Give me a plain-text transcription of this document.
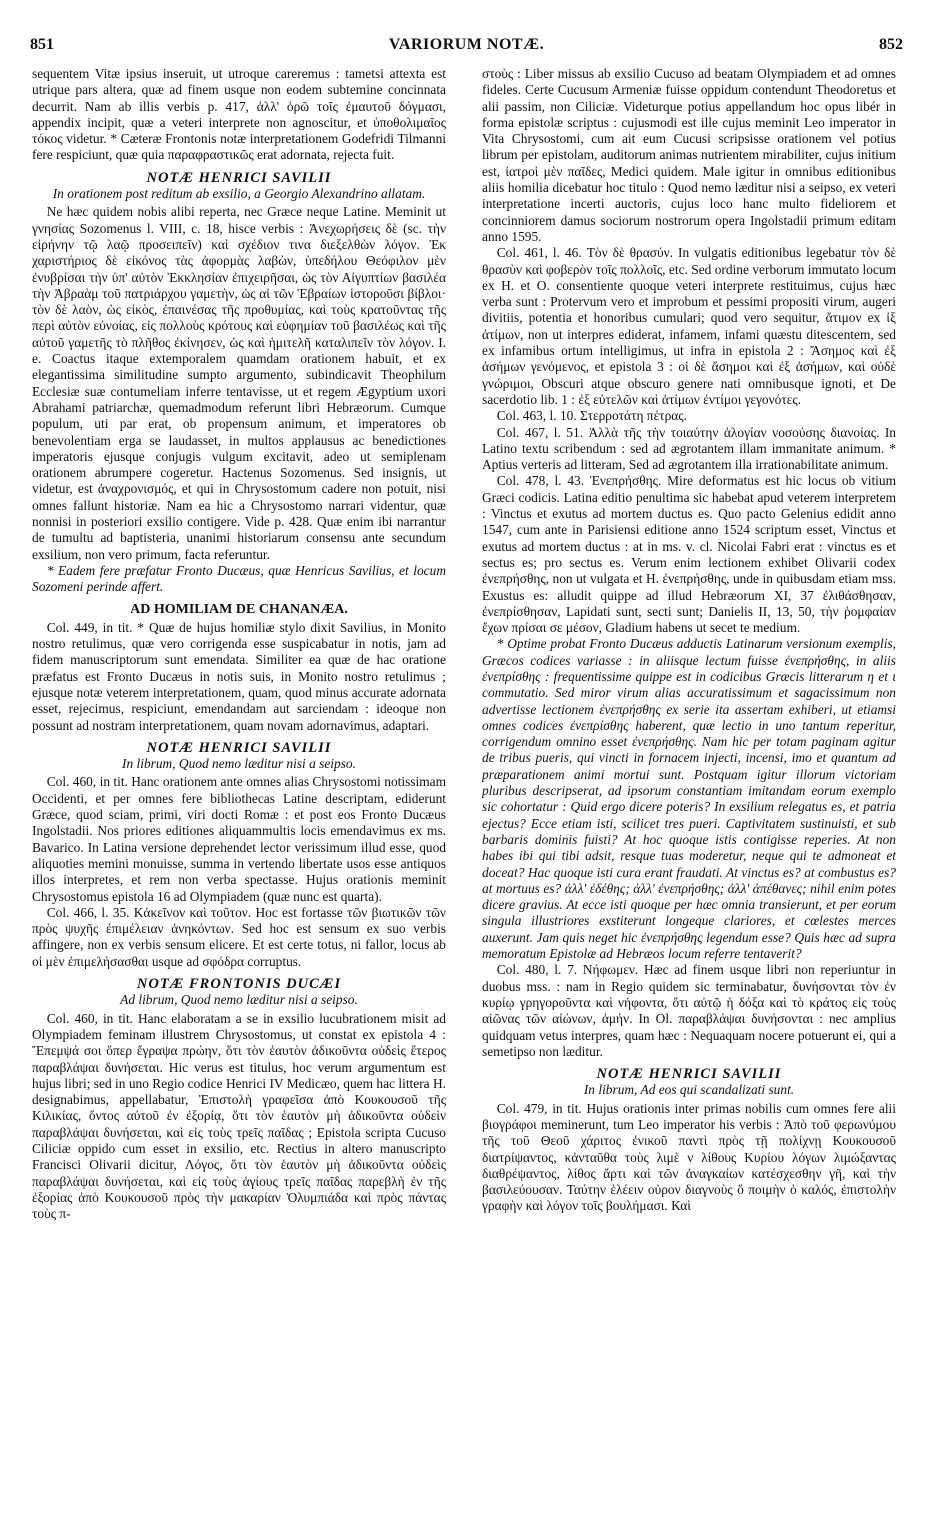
851	VARIORUM NOTÆ.	852

sequentem Vitæ ipsius inseruit, ut utroque careremus : tametsi attexta est utrique pars altera, quæ ad finem usque non eodem subtemine concinnata decurrit. Nam ab illis verbis p. 417, ἀλλ' ὁρῶ τοῖς ἐμαυτοῦ δόγμασι, appendix incipit, quæ a veteri interprete non agnoscitur, et ὑποθολιμαῖος τόκος videtur. * Cæteræ Frontonis notæ interpretationem Godefridi Tilmanni fere respiciunt, quæ quia παραφραστικῶς erat adornata, rejecta fuit.

NOTÆ HENRICI SAVILII
In orationem post reditum ab exsilio, a Georgio Alexandrino allatam.

Ne hæc quidem nobis alibi reperta, nec Græce neque Latine. Meminit ut γνησίας Sozomenus l. VIII, c. 18, hisce verbis : Ἀνεχωρήσεις δὲ (sc. τὴν εἰρήνην τῷ λαῷ προσειπεῖν) καὶ σχέδιον τινα διεξελθὼν λόγον. Ἐκ χαριστήριος δὲ εἰκόνος τὰς ἀφορμὰς λαβὼν, ὑπεδήλου Θεόφιλον μὲν ἐνυβρίσαι τὴν ὑπ' αὐτὸν Ἐκκλησίαν ἐπιχειρῆσαι, ὡς τὸν Αἰγυπτίων βασιλέα τὴν Ἀβραὰμ τοῦ πατριάρχου γαμετὴν, ὡς αἱ τῶν Ἑβραίων ἱστοροῦσι βίβλοι· τὸν δὲ λαὸν, ὡς εἰκὸς, ἐπαινέσας τῆς προθυμίας, καὶ τοὺς κρατοῦντας τῆς περὶ αὐτὸν εὐνοίας, εἰς πολλοὺς κρότους καὶ εὐφημίαν τοῦ βασιλέως καὶ τῆς αὐτοῦ γαμετῆς τὸ πλῆθος ἐκίνησεν, ὡς καὶ ἡμιτελῆ καταλιπεῖν τὸν λόγον. I. e. Coactus itaque extemporalem quamdam orationem habuit, et ex elegantissima similitudine sumpto argumento, subindicavit Theophilum Ecclesiæ suæ contumeliam inferre tentavisse, ut et regem Ægyptium uxori Abrahami patriarchæ, quemadmodum referunt libri Hebræorum. Cumque populum, uti par erat, ob propensum animum, et imperatores ob benevolentiam erga se laudasset, in multos applausus ac benedictiones imperatoris ejusque conjugis vulgum excitavit, adeo ut semiplenam orationem abrumpere cogeretur. Hactenus Sozomenus. Sed insignis, ut videtur, est ἀναχρονισμός, et qui in Chrysostomum cadere non potuit, nisi omnes fallunt historiæ. Nam ea hic a Chrysostomo narrari videntur, quæ nonnisi in posteriori exsilio contigere. Vide p. 428. Quæ enim ibi narrantur de tumultu ad baptisteria, unanimi historiarum consensu ante secundum exsilium, non vero primum, facta referuntur.

* Eadem fere præfatur Fronto Ducæus, quæ Henricus Savilius, et locum Sozomeni perinde affert.

AD HOMILIAM DE CHANANÆA.

Col. 449, in tit. * Quæ de hujus homiliæ stylo dixit Savilius, in Monito nostro retulimus, quæ vero corrigenda esse suspicabatur in notis, jam ad fidem manuscriptorum sunt emendata. Similiter ea quæ de hac oratione præfatus est Fronto Ducæus in notis suis, in Monito nostro retulimus ; ejusque notæ veterem interpretationem, quam, quod minus accurate adornata esset, rejecimus, respiciunt, emendandam aut sarciendam : ideoque non possunt ad nostram interpretationem, quam novam adornavimus, adaptari.

NOTÆ HENRICI SAVILII
In librum, Quod nemo læditur nisi a seipso.

Col. 460, in tit. Hanc orationem ante omnes alias Chrysostomi notissimam Occidenti, et per omnes fere bibliothecas Latine descriptam, ediderunt Græce, quod sciam, primi, viri docti Romæ : et post eos Fronto Ducæus Ingolstadii. Nos priores editiones aliquammultis locis emendavimus ex ms. Bavarico. In Latina versione deprehendet lector verissimum illud esse, quod aliquoties memini monuisse, summa in vertendo libertate usos esse antiquos illos interpretes, et rem non verba spectasse. Hujus orationis meminit Chrysostomus epistola 16 ad Olympiadem (quæ nunc est quarta).

Col. 466, l. 35. Κἀκεῖνον καὶ τοῦτον. Hoc est fortasse τῶν βιωτικῶν τῶν πρὸς ψυχῆς ἐπιμέλειαν ἀνηκόντων. Sed hoc est sensum ex suo verbis affingere, non ex verbis sensum elicere. Et est certe totus, ni fallor, locus ab οἱ μὲν ἐπιμελήσασθαι usque ad σφόδρα corruptus.

NOTÆ FRONTONIS DUCÆI
Ad librum, Quod nemo læditur nisi a seipso.

Col. 460, in tit. Hanc elaboratam a se in exsilio lucubrationem misit ad Olympiadem feminam illustrem Chrysostomus, ut constat ex epistola 4 : Ἔπεμψά σοι ὅπερ ἔγραψα πρώην, ὅτι τὸν ἑαυτὸν ἀδικοῦντα οὐδεὶς ἕτερος παραβλάψαι δυνήσεται. Hic verus est titulus, hoc verum argumentum est hujus libri; sed in uno Regio codice Henrici IV Medicæo, quem hac littera H. designabimus, appellabatur, Ἐπιστολὴ γραφεῖσα ἀπὸ Κουκουσοῦ τῆς Κιλικίας, ὄντος αὐτοῦ ἐν ἐξορίᾳ, ὅτι τὸν ἑαυτὸν μὴ ἀδικοῦντα οὐδεὶν παραβλάψαι δυνήσεται, καὶ εἰς τοὺς τρεῖς παῖδας ; Epistola scripta Cucuso Ciliciæ oppido cum esset in exsilio, etc. Rectius in altero manuscripto Francisci Olivarii dicitur, Λόγος, ὅτι τὸν ἑαυτὸν μὴ ἀδικοῦντα οὐδεὶς παραβλάψαι δυνήσεται, καὶ εἰς τοὺς ἁγίους τρεῖς παῖδας παρεβλὴ ἐν τῆς ἐξορίας ἀπὸ Κουκουσοῦ πρὸς τὴν μακαρίαν Ὀλυμπιάδα καὶ πρὸς πάντας τοὺς π-

στοὺς : Liber missus ab exsilio Cucuso ad beatam Olympiadem et ad omnes fideles. Certe Cucusum Armeniæ fuisse oppidum contendunt Theodoretus et alii passim, non Ciliciæ. Videturque potius appellandum hoc opus libér in forma epistolæ scriptus : cujusmodi est ille cujus meminit Leo imperator in Vita Chrysostomi, cum ait eum Cucusi scripsisse orationem vel potius librum per epistolam, auditorum animas nutrientem mirabiliter, cujus initium est, ἰατροὶ μὲν παῖδες, Medici quidem. Male igitur in omnibus editionibus aliis homilia dicebatur hoc titulo : Quod nemo læditur nisi a seipso, ex veteri interpretatione incerti auctoris, cujus loco hanc multo fideliorem et concinniorem damus sociorum nostrorum opera Ingolstadii primum editam anno 1595.

Col. 461, l. 46. Τὸν δὲ θρασύν. In vulgatis editionibus legebatur τὸν δὲ θρασὺν καὶ φοβερὸν τοῖς πολλοῖς, etc. Sed ordine verborum immutato locum ex H. et O. consentiente quoque veteri interprete restituimus, cujus hæc verba sunt : Protervum vero et improbum et pessimi propositi virum, augeri divitiis, potentia et honoribus cumulari; quod vero sequitur, ἄτιμον ex ἰξ ἀτίμων, non ut interpres ediderat, infamem, infami quæstu ditescentem, sed ex infamibus ortum intelligimus, ut infra in epistola 2 : Ἄσημος καὶ ἐξ ἀσήμων γενόμενος, et epistola 3 : οἱ δὲ ἄσημοι καὶ ἐξ ἀσήμων, καὶ οὐδὲ γνώριμοι, Obscuri atque obscuro genere nati omnibusque ignoti, et De sacerdotio lib. 1 : ἐξ εὐτελῶν καὶ ἀτίμων ἐντίμοι γεγονότες.

Col. 463, l. 10. Στερροτάτη πέτρας.

Col. 467, l. 51. Ἀλλὰ τῆς τὴν τοιαύτην ἀλογίαν νοσούσης διανοίας. In Latino textu scribendum : sed ad ægrotantem illam immanitate animum. * Aptius verteris ad litteram, Sed ad ægrotantem illa irrationabilitate animum.

Col. 478, l. 43. Ἐνεπρήσθης. Mire deformatus est hic locus ob vitium Græci codicis. Latina editio penultima sic habebat apud veterem interpretem : Vinctus et exutus ad mortem ductus es. Quo pacto Gelenius edidit anno 1547, cum ante in Parisiensi editione anno 1524 scriptum esset, Vinctus et exutus ad mortem ductus : at in ms. v. cl. Nicolai Fabri erat : vinctus es et sectus es; pro sectus es. Verum enim lectionem exhibet Olivarii codex ἐνεπρήσθης, non ut vulgata et H. ἐνεπρήσθης, unde in quibusdam etiam mss. Exustus es: alludit quippe ad illud Hebræorum XI, 37 ἐλιθάσθησαν, ἐνεπρίσθησαν, Lapidati sunt, secti sunt; Danielis II, 13, 50, τὴν ῥομφαίαν ἔχων πρίσαι σε μέσον, Gladium habens ut secet te medium.

* Optime probat Fronto Ducæus adductis Latinarum versionum exemplis, Græcos codices variasse : in aliisque lectum fuisse ἐνεπρήσθης, in aliis ἐνεπρίσθης : frequentissime quippe est in codicibus Græcis litterarum η et ι commutatio. Sed miror virum alias accuratissimum et sagacissimum non advertisse lectionem ἐνεπρήσθης ex serie ita assertam exhiberi, ut etiamsi omnes codices ἐνεπρίσθης haberent, quæ lectio in uno tantum reperitur, corrigendum omnino esset ἐνεπρήσθης. Nam hic per totam paginam agitur de tribus pueris, qui vincti in fornacem injecti, incensi, imo et quantum ad præparationem animi mortui sunt. Postquam igitur illorum victoriam pluribus descripserat, ad ipsorum constantiam imitandam eorum exemplo sic cohortatur : Quid ergo dicere poteris? In exsilium relegatus es, et patria ejectus? Ecce etiam isti, scilicet tres pueri. Captivitatem sustinuisti, et sub barbaris dominis fuisti? At hoc quoque istis contigisse reperies. At non habes ibi qui tibi adsit, resque tuas moderetur, neque qui te admoneat et doceat? Hac quoque isti cura erant fraudati. At vinctus es? at combustus es? at mortuus es? ἀλλ' ἐδέθης; ἀλλ' ἐνεπρήσθης; ἀλλ' ἀπέθανες; nihil enim potes dicere gravius. At ecce isti quoque per hæc omnia transierunt, et per eorum singula illustriores exstiterunt longeque clariores, et cœlestes merces auxerunt. Jam quis neget hic ἐνεπρήσθης legendum esse? Quis hæc ad supra memoratum Epistolæ ad Hebræos locum referre tentaverit?

Col. 480, l. 7. Νήφωμεν. Hæc ad finem usque libri non reperiuntur in duobus mss. : nam in Regio quidem sic terminabatur, δυνήσονται τὸν ἐν κυρίῳ γρηγοροῦντα καὶ νήφοντα, ὅτι αὐτῷ ἡ δόξα καὶ τὸ κράτος εἰς τοὺς αἰῶνας τῶν αἰώνων, ἀμήν. In Ol. παραβλάψαι δυνήσονται : nec amplius quidquam vetus interpres, quam hæc : Nequaquam nocere potuerunt ei, qui a semetipso non læditur.

NOTÆ HENRICI SAVILII
In librum, Ad eos qui scandalizati sunt.

Col. 479, in tit. Hujus orationis inter primas nobilis cum omnes fere alii βιογράφοι meminerunt, tum Leo imperator his verbis : Ἀπὸ τοῦ φερωνύμου τῆς τοῦ Θεοῦ χάριτος ἐνικοῦ παντὶ πρὸς τῇ πολίχνῃ Κουκουσοῦ διατρίψαντος, κἀνταῦθα τοὺς λιμὲ ν λίθους Κυρίου λόγων λιμώξαντας διαθρέψαντος, λίθος ἄρτι καὶ τῶν ἀναγκαίων κατέσχεσθην γῆ, καὶ τὴν βασιλεύουσαν. Ταύτην ἑλέειν οὐρον διαγνοὺς ὅ ποιμὴν ὁ καλός, ἐπιστολὴν γραφὴν καὶ λόγον τοῖς βουλήμασι. Καὶ
